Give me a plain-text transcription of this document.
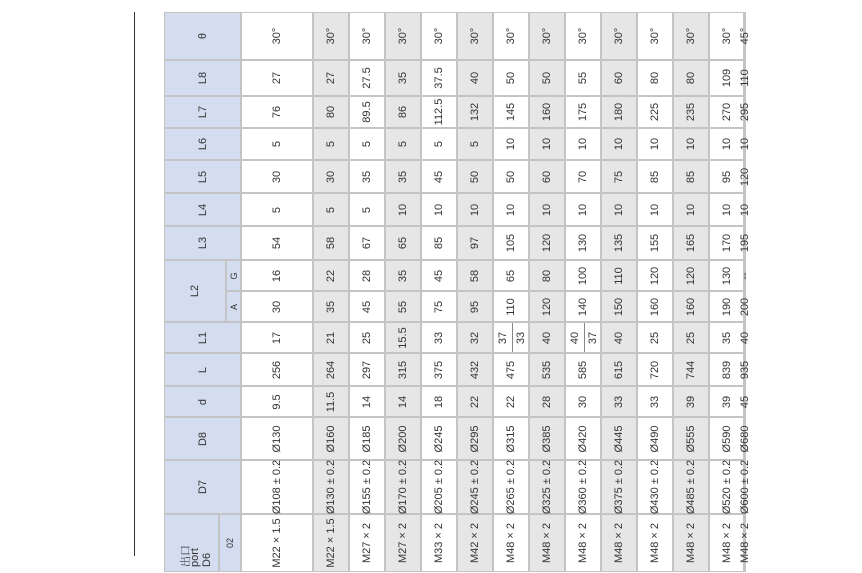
D7
D8
d
L
L1
L3
L4
L5
L6
L7
L8
θ
L2
G
A
出口
port D6
02
30°
27
76
5
30
5
54
16
30
17
256
9.5
Ø130
Ø108 ± 0.2
M22 × 1.5
30°
27
80
5
30
5
58
22
35
21
264
11.5
Ø160
Ø130 ± 0.2
M22 × 1.5
30°
27.5
89.5
5
35
5
67
28
45
25
297
14
Ø185
Ø155 ± 0.2
M27 × 2
30°
35
86
5
35
10
65
35
55
15.5
315
14
Ø200
Ø170 ± 0.2
M27 × 2
30°
37.5
112.5
5
45
10
85
45
75
33
375
18
Ø245
Ø205 ± 0.2
M33 × 2
30°
40
132
5
50
10
97
58
95
32
432
22
Ø295
Ø245 ± 0.2
M42 × 2
30°
50
145
10
50
10
105
65
110
37 33
475
22
Ø315
Ø265 ± 0.2
M48 × 2
30°
50
160
10
60
10
120
80
120
40
535
28
Ø385
Ø325 ± 0.2
M48 × 2
30°
55
175
10
70
10
130
100
140
40 37
585
30
Ø420
Ø360 ± 0.2
M48 × 2
30°
60
180
10
75
10
135
110
150
40
615
33
Ø445
Ø375 ± 0.2
M48 × 2
30°
80
225
10
85
10
155
120
160
25
720
33
Ø490
Ø430 ± 0.2
M48 × 2
30°
80
235
10
85
10
165
120
160
25
744
39
Ø555
Ø485 ± 0.2
M48 × 2
30°
109
270
10
95
10
170
130
190
35
839
39
Ø590
Ø520 ± 0.2
M48 × 2
45°
110
295
10
120
10
195
--
200
40
935
45
Ø680
Ø600 ± 0.2
M48 × 2
